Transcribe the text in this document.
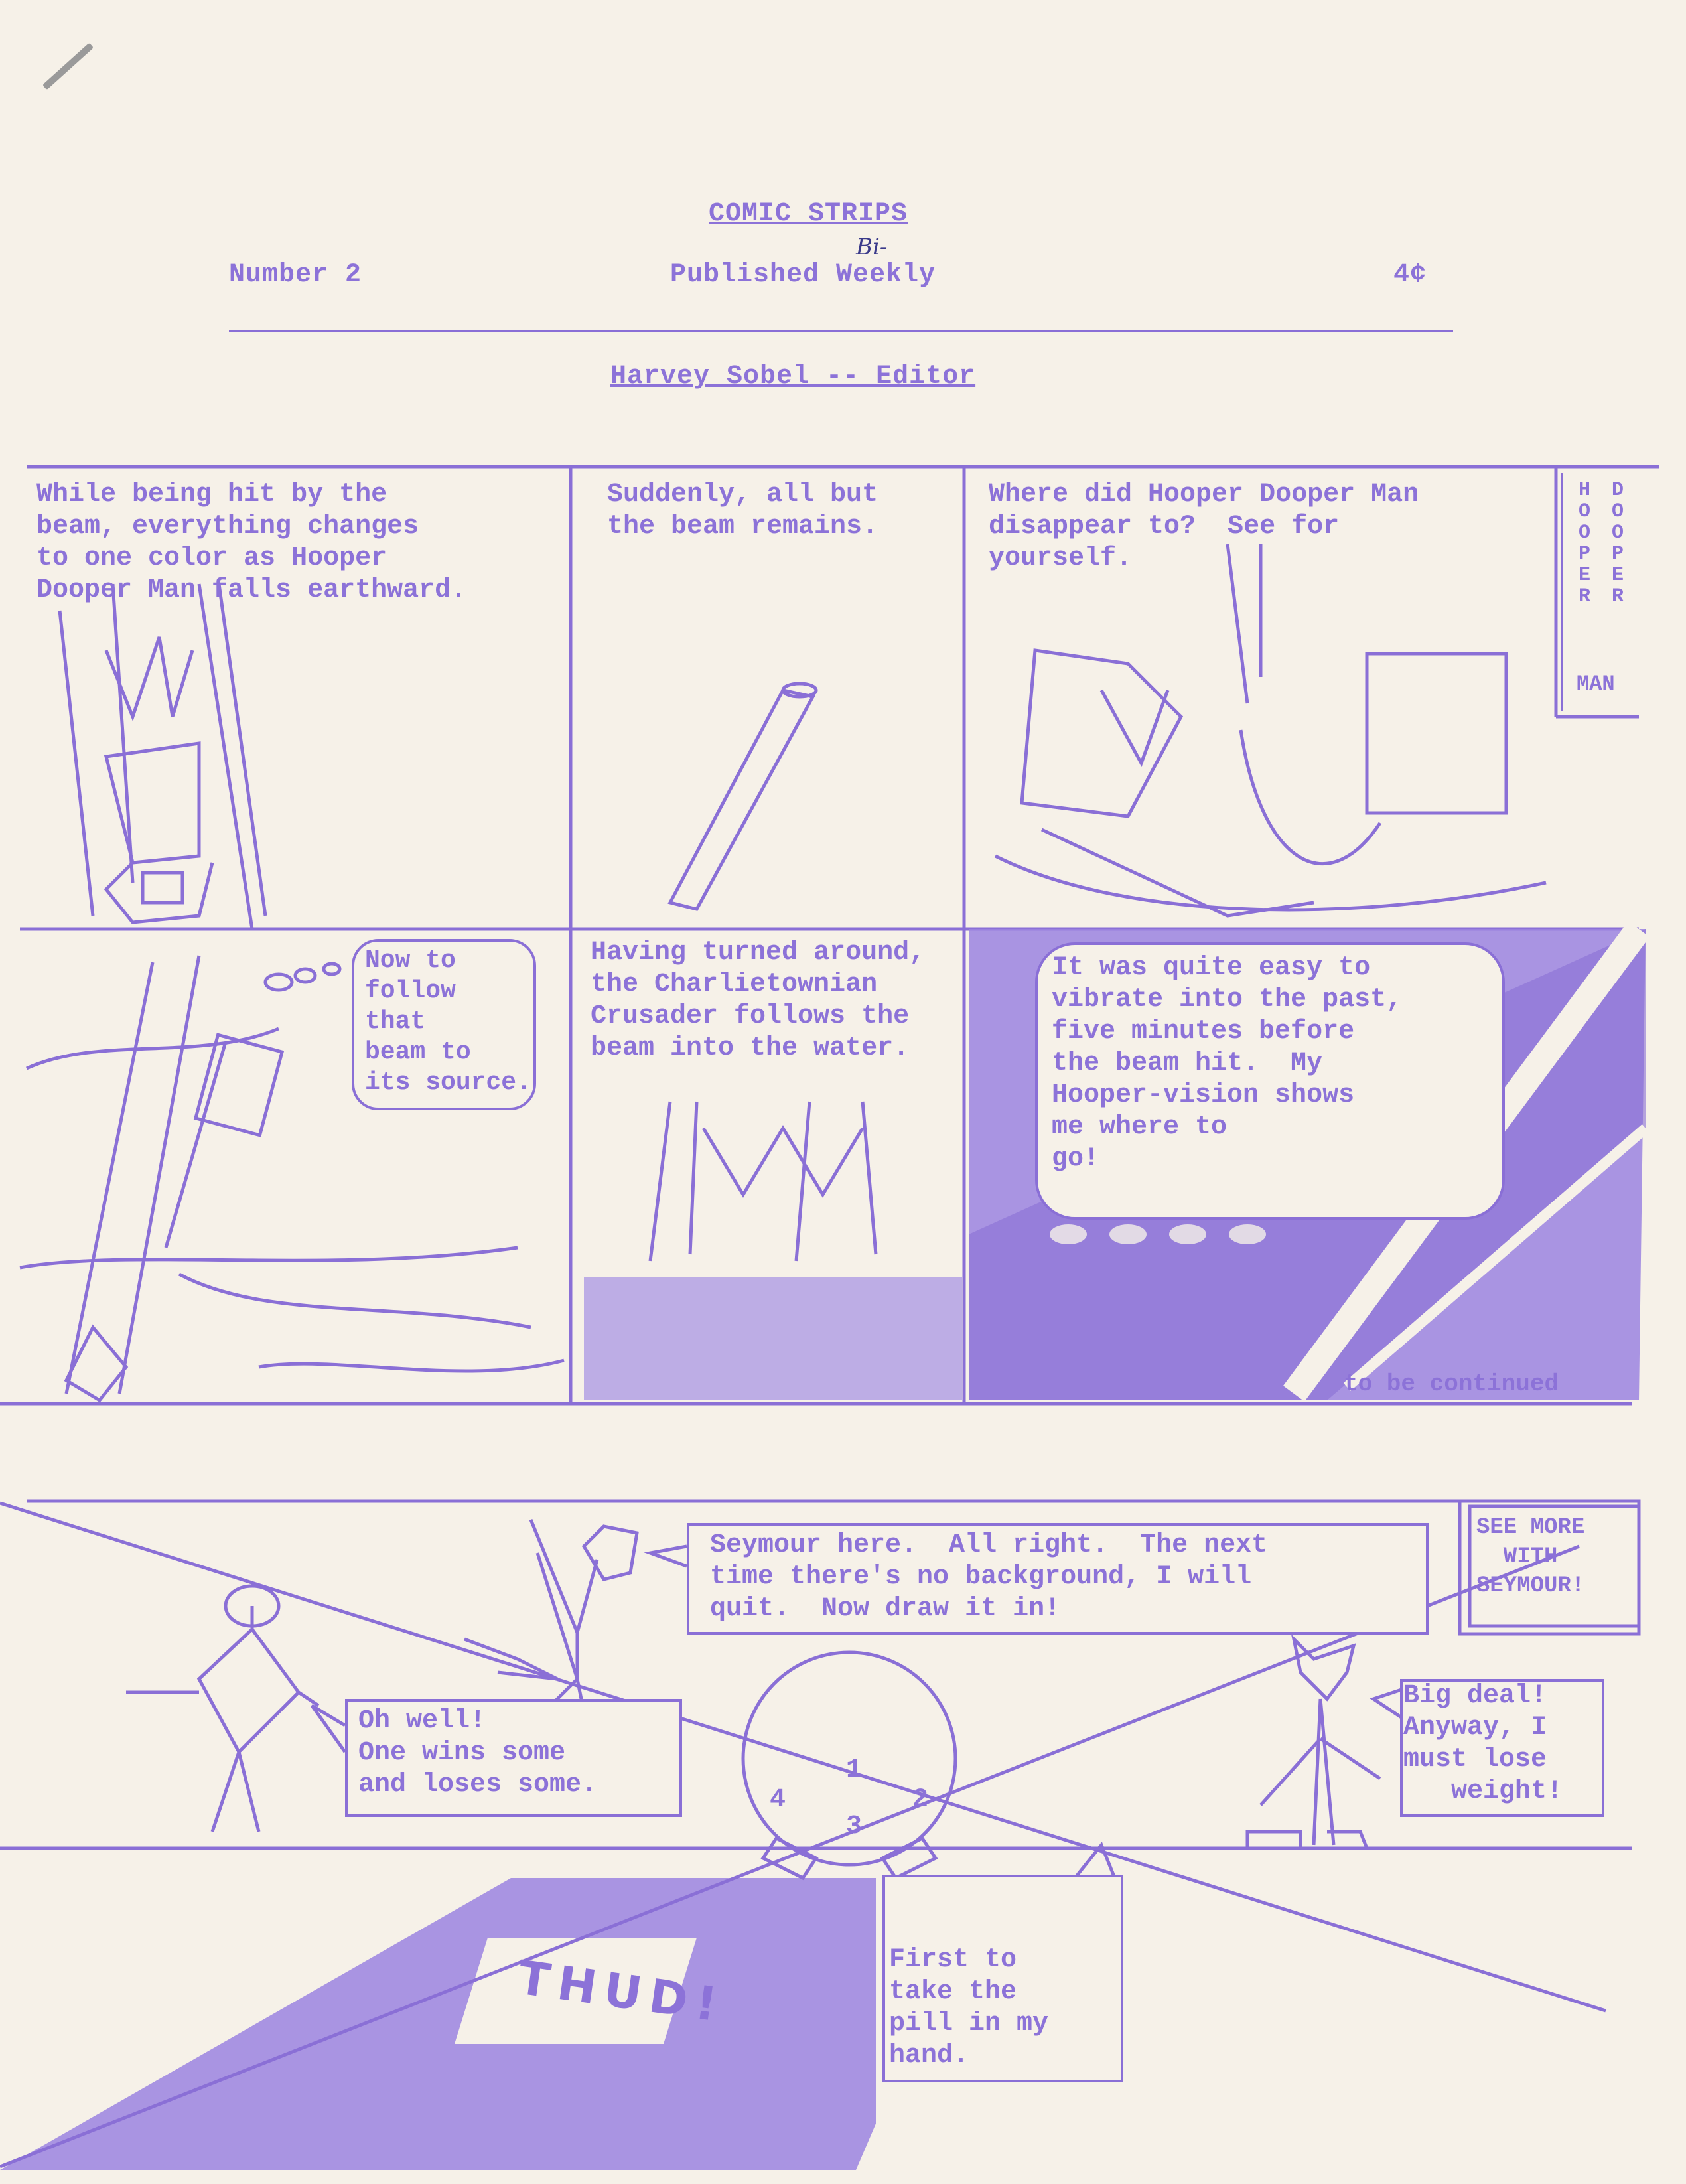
COMIC STRIPS
Number 2	Published Weekly
Bi-
4¢
Harvey Sobel -- Editor
While being hit by the
beam, everything changes
to one color as Hooper
Dooper Man falls earthward.
Suddenly, all but
the beam remains.
Where did Hooper Dooper Man
disappear to?  See for
yourself.	HOOPER DOOPER
MAN
Now to
follow
that
beam to
its source.
Having turned around,
the Charlietownian
Crusader follows the
beam into the water.
It was quite easy to
vibrate into the past,
five minutes before
the beam hit.  My
Hooper-vision shows
me where to
go!
to be continued
SEE MORE
WITH
SEYMOUR!
Seymour here.  All right.  The next
time there's no background, I will
quit.  Now draw it in!
Oh well!
One wins some
and loses some.
Big deal!
Anyway, I
must lose
weight!
First to
take the
pill in my
hand.
1
2
3
4
THUD!
